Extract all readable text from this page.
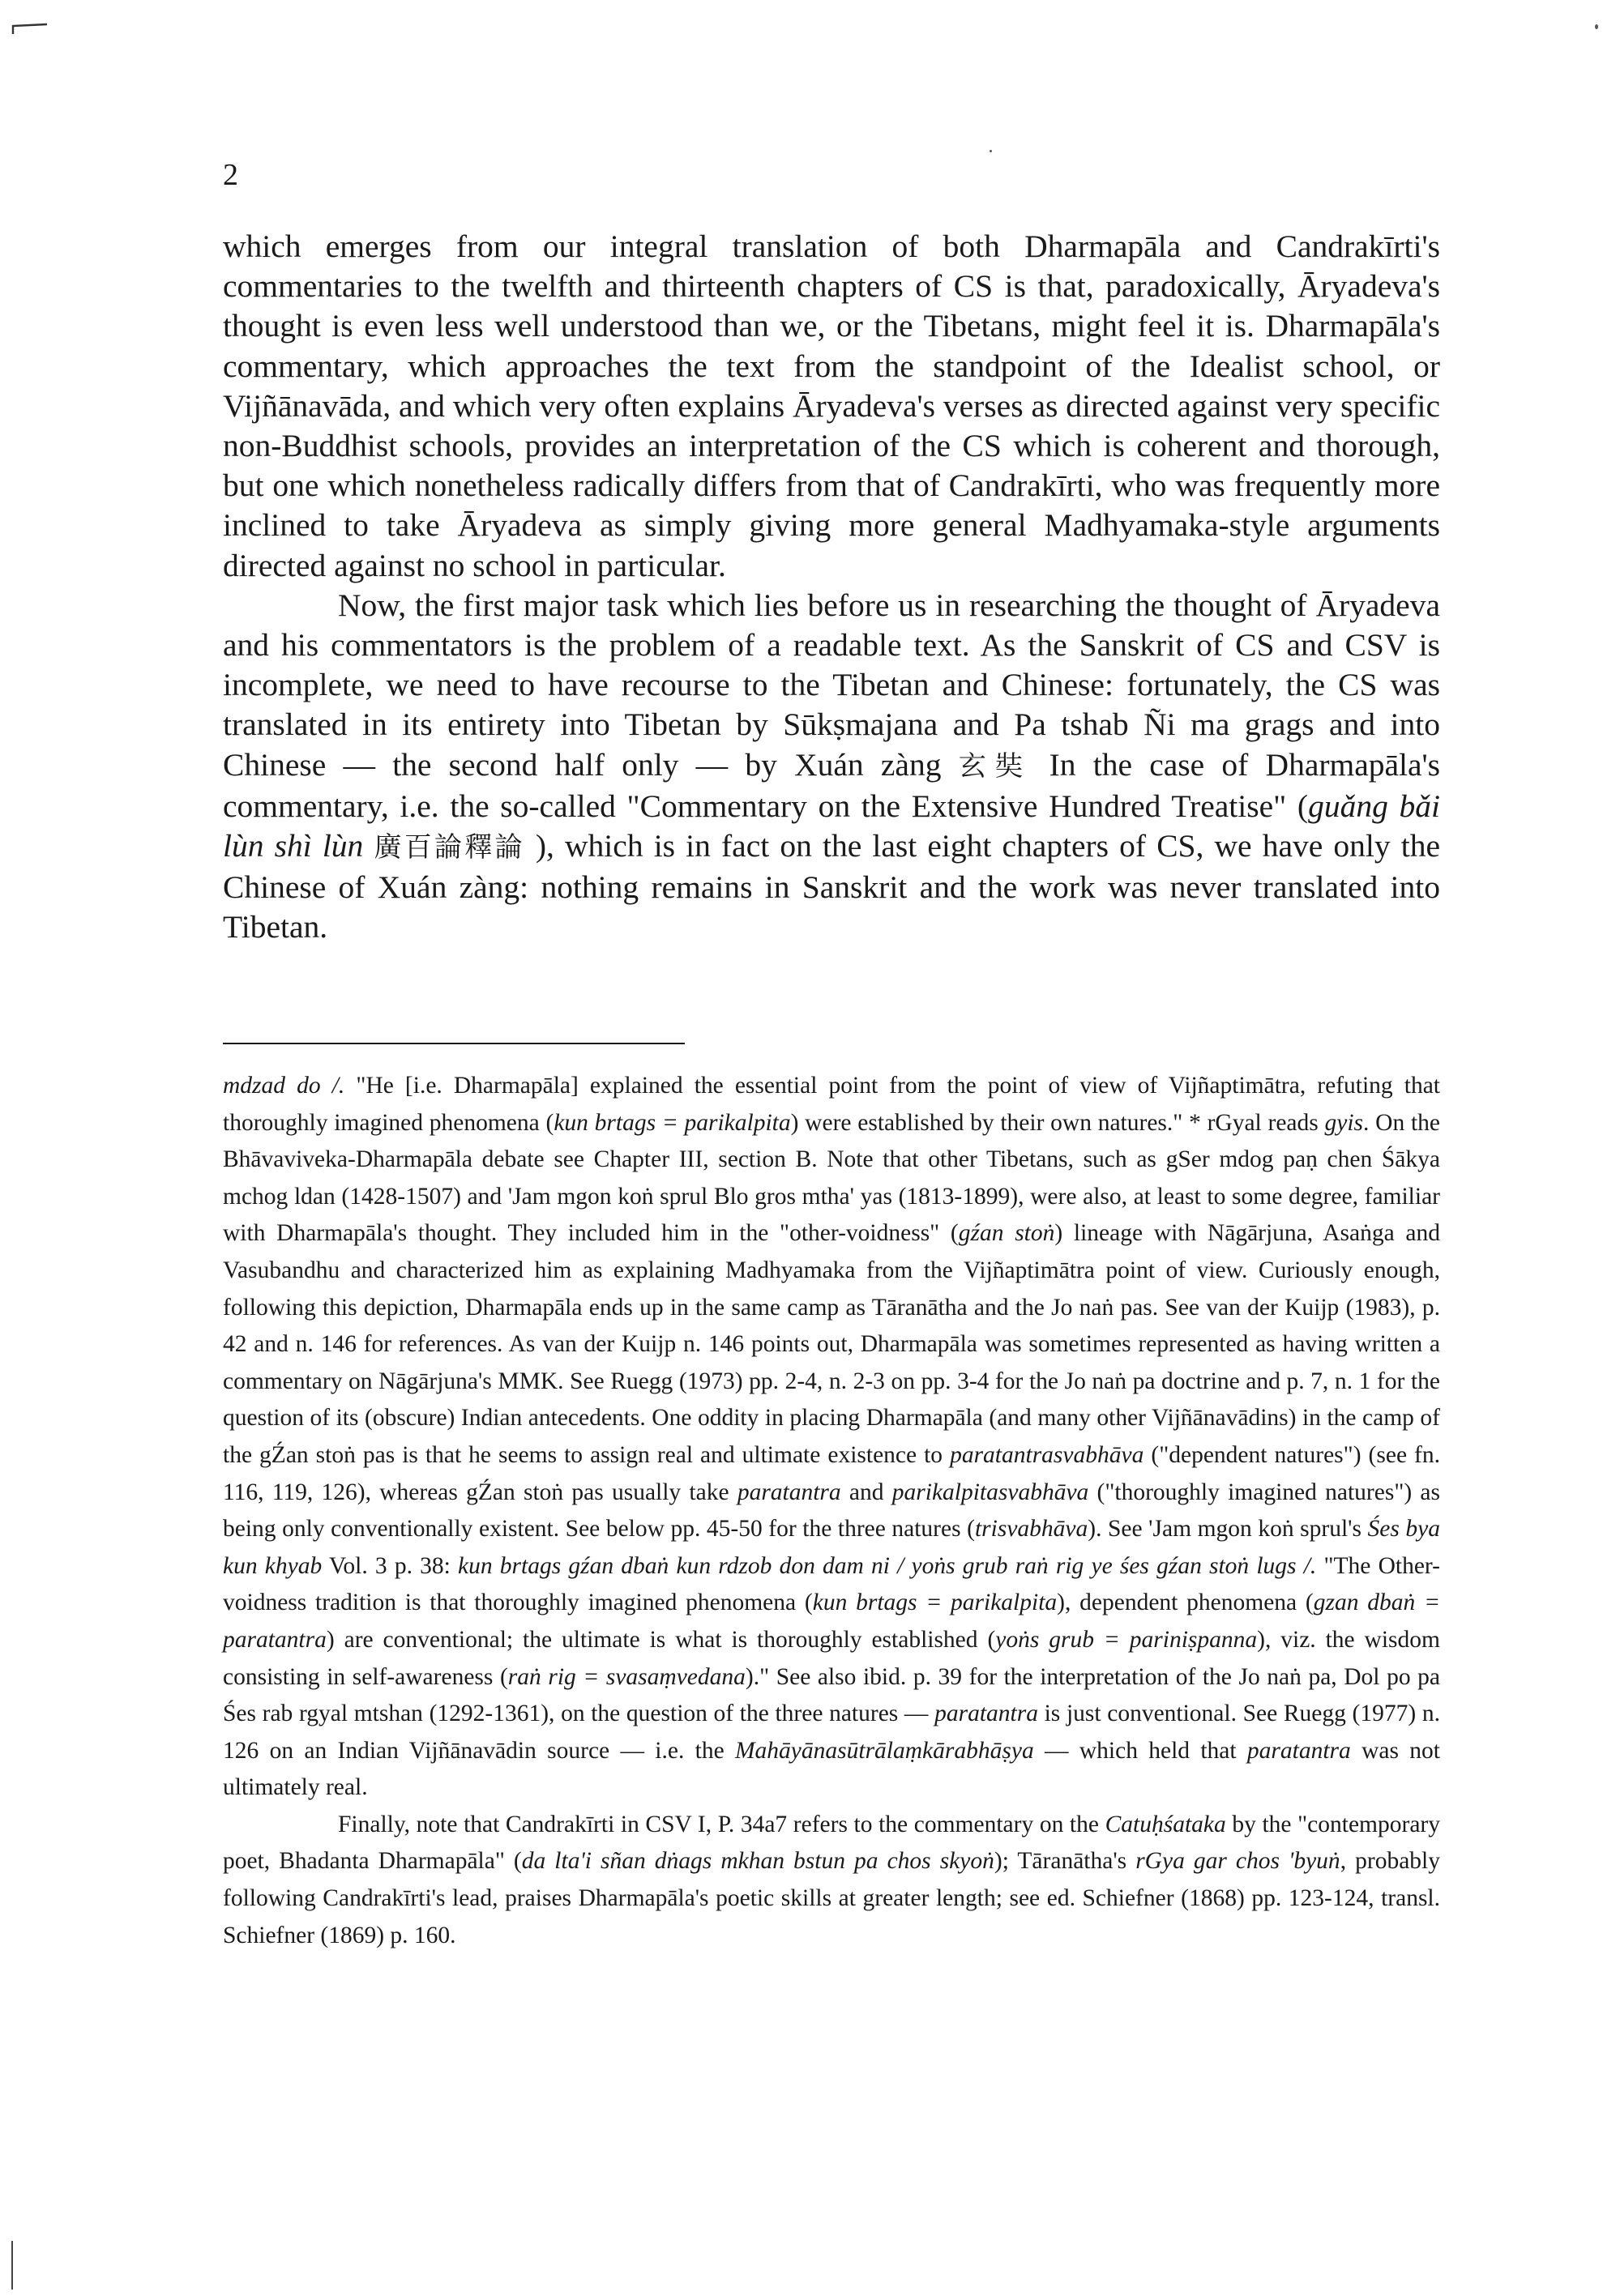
2

which emerges from our integral translation of both Dharmapāla and Candrakīrti's commentaries to the twelfth and thirteenth chapters of CS is that, paradoxically, Āryadeva's thought is even less well understood than we, or the Tibetans, might feel it is. Dharmapāla's commentary, which approaches the text from the standpoint of the Idealist school, or Vijñānavāda, and which very often explains Āryadeva's verses as directed against very specific non-Buddhist schools, provides an interpretation of the CS which is coherent and thorough, but one which nonetheless radically differs from that of Candrakīrti, who was frequently more inclined to take Āryadeva as simply giving more general Madhyamaka-style arguments directed against no school in particular.

Now, the first major task which lies before us in researching the thought of Āryadeva and his commentators is the problem of a readable text. As the Sanskrit of CS and CSV is incomplete, we need to have recourse to the Tibetan and Chinese: fortunately, the CS was translated in its entirety into Tibetan by Sūkṣmajana and Pa tshab Ñi ma grags and into Chinese — the second half only — by Xuán zàng 玄奘 In the case of Dharmapāla's commentary, i.e. the so-called "Commentary on the Extensive Hundred Treatise" (guǎng bǎi lùn shì lùn 廣百論釋論 ), which is in fact on the last eight chapters of CS, we have only the Chinese of Xuán zàng: nothing remains in Sanskrit and the work was never translated into Tibetan.

mdzad do /. "He [i.e. Dharmapāla] explained the essential point from the point of view of Vijñaptimātra, refuting that thoroughly imagined phenomena (kun brtags = parikalpita) were established by their own natures." * rGyal reads gyis. On the Bhāvaviveka-Dharmapāla debate see Chapter III, section B. Note that other Tibetans, such as gSer mdog paṇ chen Śākya mchog ldan (1428-1507) and 'Jam mgon koṅ sprul Blo gros mtha' yas (1813-1899), were also, at least to some degree, familiar with Dharmapāla's thought. They included him in the "other-voidness" (gźan stoṅ) lineage with Nāgārjuna, Asaṅga and Vasubandhu and characterized him as explaining Madhyamaka from the Vijñaptimātra point of view. Curiously enough, following this depiction, Dharmapāla ends up in the same camp as Tāranātha and the Jo naṅ pas. See van der Kuijp (1983), p. 42 and n. 146 for references. As van der Kuijp n. 146 points out, Dharmapāla was sometimes represented as having written a commentary on Nāgārjuna's MMK. See Ruegg (1973) pp. 2-4, n. 2-3 on pp. 3-4 for the Jo naṅ pa doctrine and p. 7, n. 1 for the question of its (obscure) Indian antecedents. One oddity in placing Dharmapāla (and many other Vijñānavādins) in the camp of the gŹan stoṅ pas is that he seems to assign real and ultimate existence to paratantrasvabhāva ("dependent natures") (see fn. 116, 119, 126), whereas gŹan stoṅ pas usually take paratantra and parikalpitasvabhāva ("thoroughly imagined natures") as being only conventionally existent. See below pp. 45-50 for the three natures (trisvabhāva). See 'Jam mgon koṅ sprul's Śes bya kun khyab Vol. 3 p. 38: kun brtags gźan dbaṅ kun rdzob don dam ni / yoṅs grub raṅ rig ye śes gźan stoṅ lugs /. "The Other-voidness tradition is that thoroughly imagined phenomena (kun brtags = parikalpita), dependent phenomena (gzan dbaṅ = paratantra) are conventional; the ultimate is what is thoroughly established (yoṅs grub = pariniṣpanna), viz. the wisdom consisting in self-awareness (raṅ rig = svasaṃvedana)." See also ibid. p. 39 for the interpretation of the Jo naṅ pa, Dol po pa Śes rab rgyal mtshan (1292-1361), on the question of the three natures — paratantra is just conventional. See Ruegg (1977) n. 126 on an Indian Vijñānavādin source — i.e. the Mahāyānasūtrālaṃkārabhāṣya — which held that paratantra was not ultimately real.

Finally, note that Candrakīrti in CSV I, P. 34a7 refers to the commentary on the Catuḥśataka by the "contemporary poet, Bhadanta Dharmapāla" (da lta'i sñan dṅags mkhan bstun pa chos skyoṅ); Tāranātha's rGya gar chos 'byuṅ, probably following Candrakīrti's lead, praises Dharmapāla's poetic skills at greater length; see ed. Schiefner (1868) pp. 123-124, transl. Schiefner (1869) p. 160.
